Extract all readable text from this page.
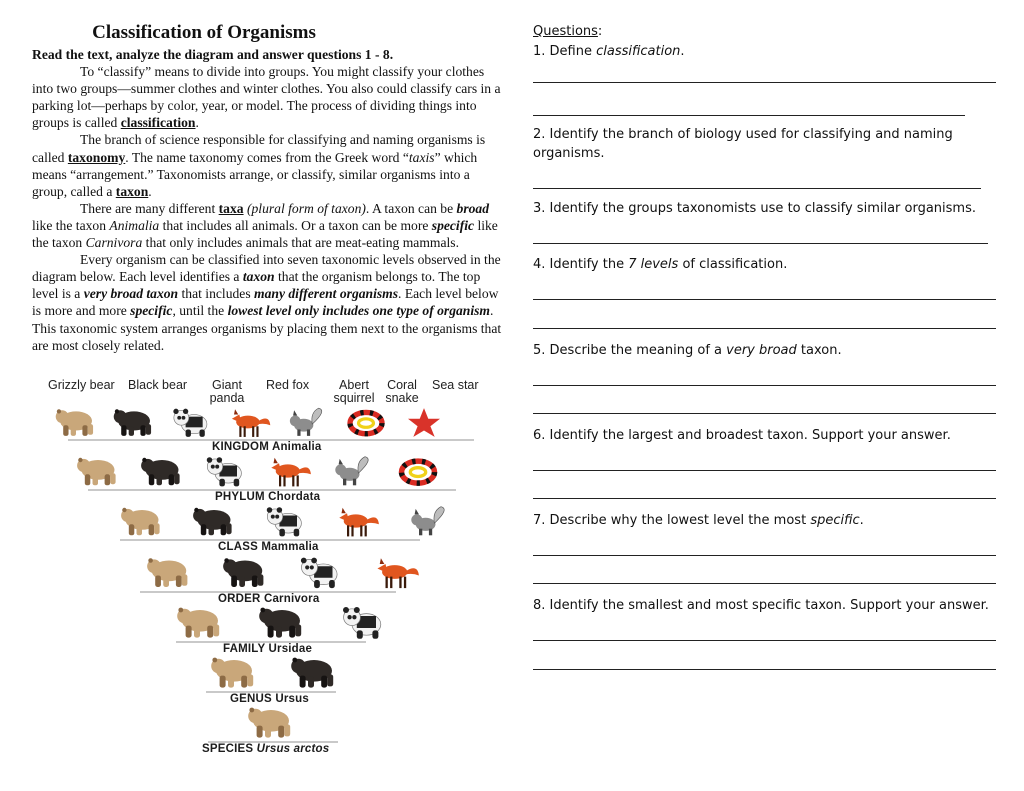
Classification of Organisms

Read the text, analyze the diagram and answer questions 1 - 8.

To “classify” means to divide into groups. You might classify your clothes into two groups—summer clothes and winter clothes. You also could classify cars in a parking lot—perhaps by color, year, or model. The process of dividing things into groups is called classification.

The branch of science responsible for classifying and naming organisms is called taxonomy. The name taxonomy comes from the Greek word “taxis” which means “arrangement.” Taxonomists arrange, or classify, similar organisms into a group, called a taxon.

There are many different taxa (plural form of taxon). A taxon can be broad like the taxon Animalia that includes all animals. Or a taxon can be more specific like the taxon Carnivora that only includes animals that are meat-eating mammals.

Every organism can be classified into seven taxonomic levels observed in the diagram below. Each level identifies a taxon that the organism belongs to. The top level is a very broad taxon that includes many different organisms. Each level below is more and more specific, until the lowest level only includes one type of organism. This taxonomic system arranges organisms by placing them next to the organisms that are most closely related.

Grizzly bear Black bear	Giant panda
Red fox	Abert squirrel
Coral snake
Sea star
KINGDOM Animalia
PHYLUM Chordata
CLASS Mammalia
ORDER Carnivora
FAMILY Ursidae
GENUS Ursus
SPECIES Ursus arctos
Questions:
1. Define classification.
2. Identify the branch of biology used for classifying and naming organisms.
3. Identify the groups taxonomists use to classify similar organisms.
4. Identify the 7 levels of classification.
5. Describe the meaning of a very broad taxon.
6. Identify the largest and broadest taxon. Support your answer.
7. Describe why the lowest level the most specific.
8. Identify the smallest and most specific taxon. Support your answer.
